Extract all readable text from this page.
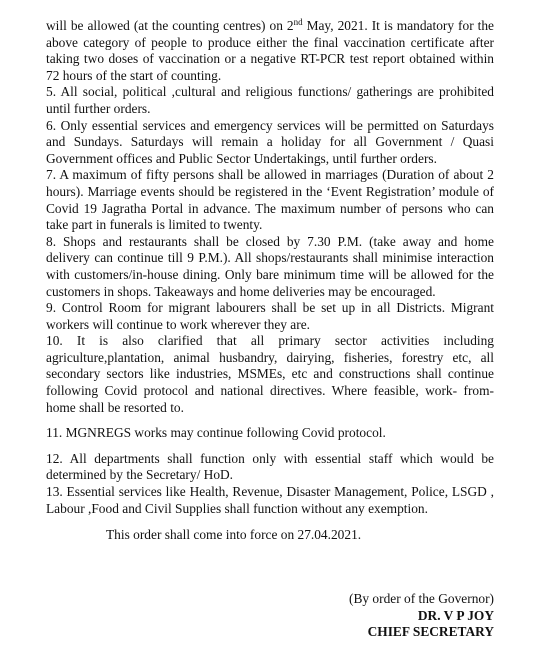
will be allowed (at the counting centres) on 2nd May, 2021. It is mandatory for the above category of people to produce either the final vaccination certificate after taking two doses of vaccination or a negative RT-PCR test report obtained within 72 hours of the start of counting.

5. All social, political ,cultural and religious functions/ gatherings are prohibited until further orders.

6. Only essential services and emergency services will be permitted on Saturdays and Sundays. Saturdays will remain a holiday for all Government / Quasi Government offices and Public Sector Undertakings, until further orders.

7. A maximum of fifty persons shall be allowed in marriages (Duration of about 2 hours). Marriage events should be registered in the ‘Event Registration’ module of Covid 19 Jagratha Portal in advance. The maximum number of persons who can take part in funerals is limited to twenty.

8. Shops and restaurants shall be closed by 7.30 P.M. (take away and home delivery can continue till 9 P.M.). All shops/restaurants shall minimise interaction with customers/in-house dining. Only bare minimum time will be allowed for the customers in shops. Takeaways and home deliveries may be encouraged.

9. Control Room for migrant labourers shall be set up in all Districts. Migrant workers will continue to work wherever they are.

10. It is also clarified that all primary sector activities including agriculture,plantation, animal husbandry, dairying, fisheries, forestry etc, all secondary sectors like industries, MSMEs, etc and constructions shall continue following Covid protocol and national directives. Where feasible, work- from-home shall be resorted to.

11. MGNREGS works may continue following Covid protocol.

12. All departments shall function only with essential staff which would be determined by the Secretary/ HoD.

13. Essential services like Health, Revenue, Disaster Management, Police, LSGD , Labour ,Food and Civil Supplies shall function without any exemption.

This order shall come into force on 27.04.2021.

(By order of the Governor)
DR. V P JOY
CHIEF SECRETARY
